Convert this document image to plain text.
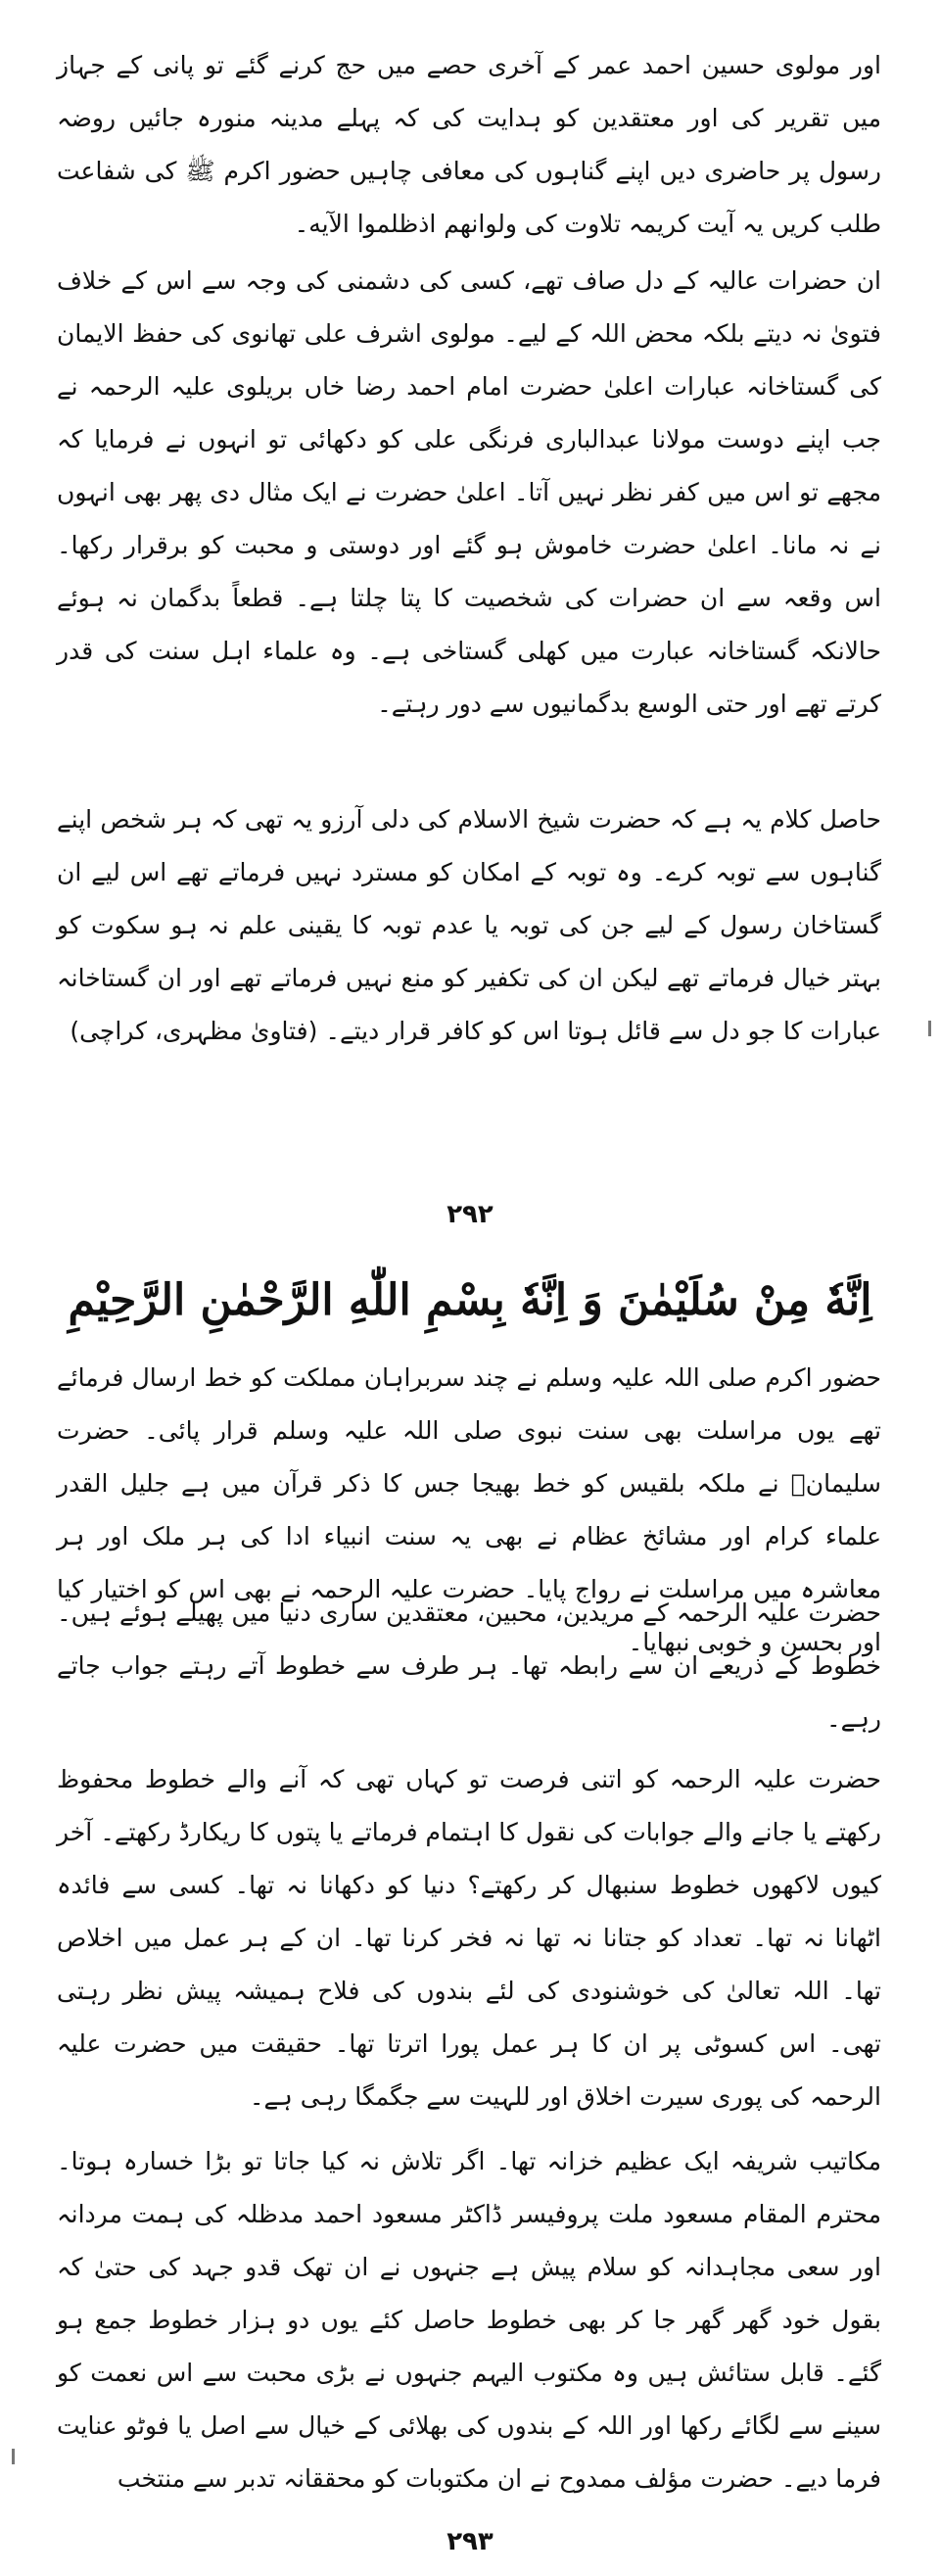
اور مولوی حسین احمد عمر کے آخری حصے میں حج کرنے گئے تو پانی کے جہاز میں تقریر کی اور معتقدین کو ہدایت کی کہ پہلے مدینہ منورہ جائیں روضہ رسول پر حاضری دیں اپنے گناہوں کی معافی چاہیں حضور اکرم ﷺ کی شفاعت طلب کریں یہ آیت کریمہ تلاوت کی ولوانهم اذظلموا الآیه۔

ان حضرات عالیہ کے دل صاف تھے، کسی کی دشمنی کی وجہ سے اس کے خلاف فتویٰ نہ دیتے بلکہ محض اللہ کے لیے۔ مولوی اشرف علی تھانوی کی حفظ الایمان کی گستاخانہ عبارات اعلیٰ حضرت امام احمد رضا خاں بریلوی علیہ الرحمہ نے جب اپنے دوست مولانا عبدالباری فرنگی علی کو دکھائی تو انہوں نے فرمایا کہ مجھے تو اس میں کفر نظر نہیں آتا۔ اعلیٰ حضرت نے ایک مثال دی پھر بھی انہوں نے نہ مانا۔ اعلیٰ حضرت خاموش ہو گئے اور دوستی و محبت کو برقرار رکھا۔ اس وقعہ سے ان حضرات کی شخصیت کا پتا چلتا ہے۔ قطعاً بدگمان نہ ہوئے حالانکہ گستاخانہ عبارت میں کھلی گستاخی ہے۔ وہ علماء اہل سنت کی قدر کرتے تھے اور حتی الوسع بدگمانیوں سے دور رہتے۔

حاصل کلام یہ ہے کہ حضرت شیخ الاسلام کی دلی آرزو یہ تھی کہ ہر شخص اپنے گناہوں سے توبہ کرے۔ وہ توبہ کے امکان کو مسترد نہیں فرماتے تھے اس لیے ان گستاخان رسول کے لیے جن کی توبہ یا عدم توبہ کا یقینی علم نہ ہو سکوت کو بہتر خیال فرماتے تھے لیکن ان کی تکفیر کو منع نہیں فرماتے تھے اور ان گستاخانہ عبارات کا جو دل سے قائل ہوتا اس کو کافر قرار دیتے۔ (فتاویٰ مظہری، کراچی)

۲۹۲
اِنَّهٗ مِنْ سُلَیْمٰنَ وَ اِنَّهٗ بِسْمِ اللّٰهِ الرَّحْمٰنِ الرَّحِیْمِ

حضور اکرم صلی اللہ علیہ وسلم نے چند سربراہان مملکت کو خط ارسال فرمائے تھے یوں مراسلت بھی سنت نبوی صلی اللہ علیہ وسلم قرار پائی۔ حضرت سلیمانؑ نے ملکہ بلقیس کو خط بھیجا جس کا ذکر قرآن میں ہے جلیل القدر علماء کرام اور مشائخ عظام نے بھی یہ سنت انبیاء ادا کی ہر ملک اور ہر معاشرہ میں مراسلت نے رواج پایا۔ حضرت علیہ الرحمہ نے بھی اس کو اختیار کیا اور بحسن و خوبی نبھایا۔

حضرت علیہ الرحمہ کے مریدین، محبین، معتقدین ساری دنیا میں پھیلے ہوئے ہیں۔ خطوط کے ذریعے ان سے رابطہ تھا۔ ہر طرف سے خطوط آتے رہتے جواب جاتے رہے۔

حضرت علیہ الرحمہ کو اتنی فرصت تو کہاں تھی کہ آنے والے خطوط محفوظ رکھتے یا جانے والے جوابات کی نقول کا اہتمام فرماتے یا پتوں کا ریکارڈ رکھتے۔ آخر کیوں لاکھوں خطوط سنبھال کر رکھتے؟ دنیا کو دکھانا نہ تھا۔ کسی سے فائدہ اٹھانا نہ تھا۔ تعداد کو جتانا نہ تھا نہ فخر کرنا تھا۔ ان کے ہر عمل میں اخلاص تھا۔ اللہ تعالیٰ کی خوشنودی کی لئے بندوں کی فلاح ہمیشہ پیش نظر رہتی تھی۔ اس کسوٹی پر ان کا ہر عمل پورا اترتا تھا۔ حقیقت میں حضرت علیہ الرحمہ کی پوری سیرت اخلاق اور للہیت سے جگمگا رہی ہے۔

مکاتیب شریفہ ایک عظیم خزانہ تھا۔ اگر تلاش نہ کیا جاتا تو بڑا خسارہ ہوتا۔ محترم المقام مسعود ملت پروفیسر ڈاکٹر مسعود احمد مدظلہ کی ہمت مردانہ اور سعی مجاہدانہ کو سلام پیش ہے جنہوں نے ان تھک قدو جہد کی حتیٰ کہ بقول خود گھر گھر جا کر بھی خطوط حاصل کئے یوں دو ہزار خطوط جمع ہو گئے۔ قابل ستائش ہیں وہ مکتوب الیہم جنہوں نے بڑی محبت سے اس نعمت کو سینے سے لگائے رکھا اور اللہ کے بندوں کی بھلائی کے خیال سے اصل یا فوٹو عنایت فرما دیے۔ حضرت مؤلف ممدوح نے ان مکتوبات کو محققانہ تدبر سے منتخب

۲۹۳
